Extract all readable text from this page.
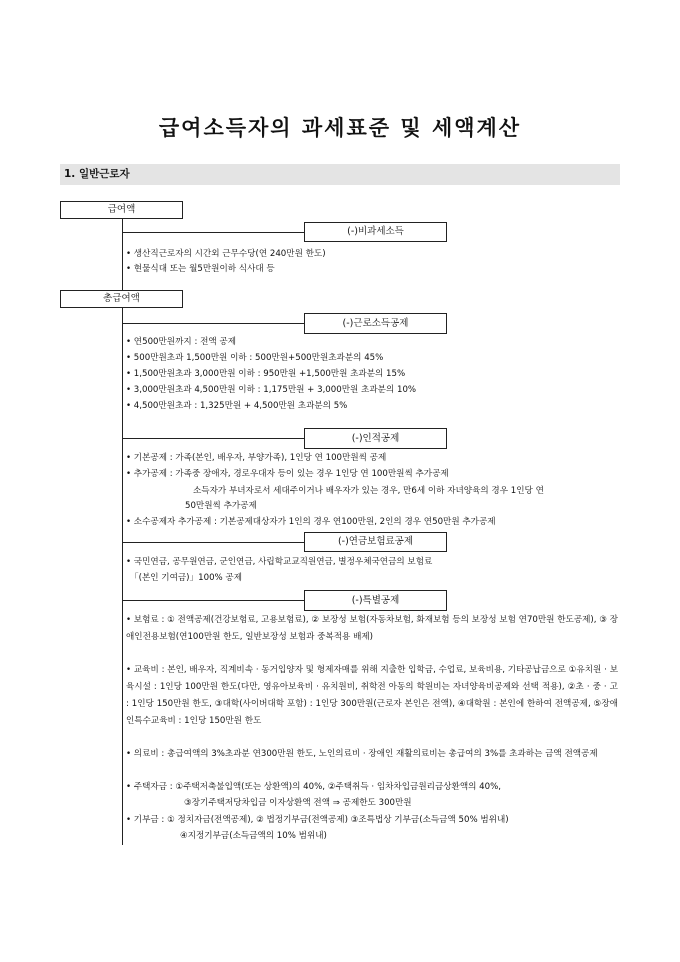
급여소득자의 과세표준 및 세액계산
1. 일반근로자
급여액
(-)비과세소득
• 생산직근로자의 시간외 근무수당(연 240만원 한도)
• 현물식대 또는 월5만원이하 식사대 등
총급여액
(-)근로소득공제
• 연500만원까지 : 전액 공제
• 500만원초과 1,500만원 이하 : 500만원+500만원초과분의 45%
• 1,500만원초과 3,000만원 이하 : 950만원 +1,500만원 초과분의 15%
• 3,000만원초과 4,500만원 이하 : 1,175만원 + 3,000만원 초과분의 10%
• 4,500만원초과 : 1,325만원 + 4,500만원 초과분의 5%
(-)인적공제
• 기본공제 : 가족(본인, 배우자, 부양가족), 1인당 연 100만원씩 공제
• 추가공제 : 가족중 장애자, 경로우대자 등이 있는 경우 1인당 연 100만원씩 추가공제
소득자가 부녀자로서 세대주이거나 배우자가 있는 경우, 만6세 이하 자녀양육의 경우 1인당 연
50만원씩 추가공제
• 소수공제자 추가공제 : 기본공제대상자가 1인의 경우 연100만원, 2인의 경우 연50만원 추가공제
(-)연금보험료공제
• 국민연금, 공무원연금, 군인연금, 사립학교교직원연금, 별정우체국연금의 보험료
「(본인 기여금)」100% 공제
(-)특별공제
• 보험료 : ① 전액공제(건강보험료, 고용보험료), ② 보장성 보험(자동차보험, 화재보험 등의 보장성 보험 연70만원 한도공제), ③ 장애인전용보험(연100만원 한도, 일반보장성 보험과 중복적용 배제)
• 교육비 : 본인, 배우자, 직계비속 · 동거입양자 및 형제자매를 위해 지출한 입학금, 수업료, 보육비용, 기타공납금으로 ①유치원 · 보육시설 : 1인당 100만원 한도(다만, 영유아보육비 · 유치원비, 취학전 아동의 학원비는 자녀양육비공제와 선택 적용), ②초 · 중 · 고 : 1인당 150만원 한도, ③대학(사이버대학 포함) : 1인당 300만원(근로자 본인은 전액), ④대학원 : 본인에 한하여 전액공제, ⑤장애인특수교육비 : 1인당 150만원 한도
• 의료비 : 총급여액의 3%초과분 연300만원 한도, 노인의료비 · 장애인 재활의료비는 총급여의 3%를 초과하는 금액 전액공제
• 주택자금 : ①주택저축불입액(또는 상환액)의 40%, ②주택취득 · 임차차입금원리금상환액의 40%,
③장기주택저당차입금 이자상환액 전액 ⇒ 공제한도 300만원
• 기부금 : ① 정치자금(전액공제), ② 법정기부금(전액공제) ③조특법상 기부금(소득금액 50% 범위내)
④지정기부금(소득금액의 10% 범위내)
